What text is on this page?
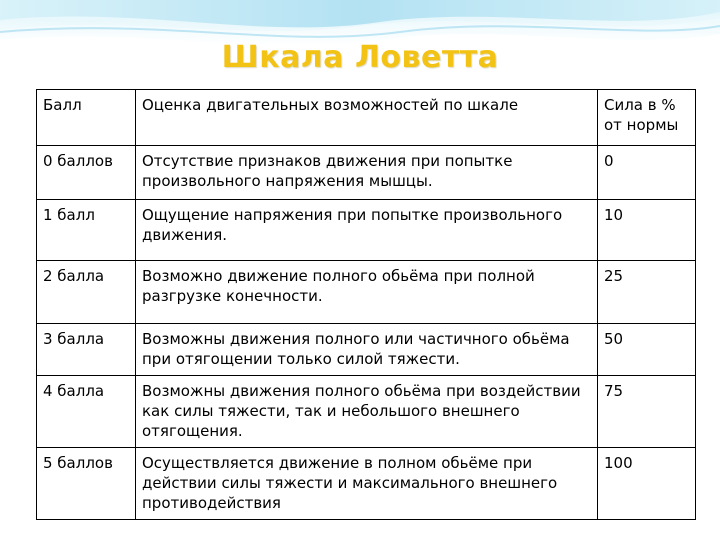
Шкала Ловетта
Балл	Оценка двигательных возможностей по шкале	Сила в % от нормы
0 баллов	Отсутствие признаков движения при попытке произвольного напряжения мышцы.	0
1 балл	Ощущение напряжения при попытке произвольного движения.	10
2 балла	Возможно движение полного обьёма при полной разгрузке конечности.	25
3 балла	Возможны движения полного или частичного обьёма при отягощении только силой тяжести.	50
4 балла	Возможны движения полного обьёма при воздействии как силы тяжести, так и небольшого внешнего отягощения.	75
5 баллов	Осуществляется движение в полном обьёме при действии силы тяжести и максимального внешнего противодействия	100
